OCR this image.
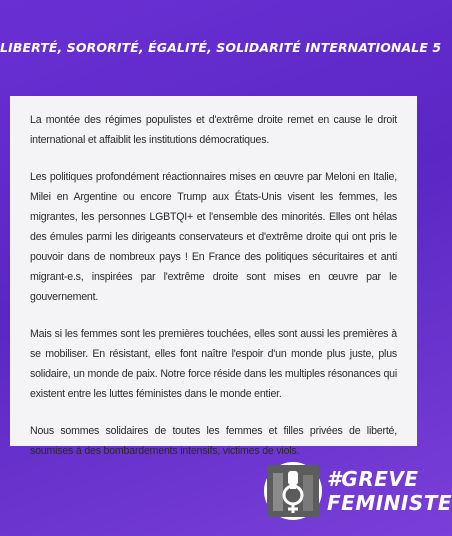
LIBERTÉ, SORORITÉ, ÉGALITÉ, SOLIDARITÉ INTERNATIONALE 5

La montée des régimes populistes et d'extrême droite remet en cause le droit international et affaiblit les institutions démocratiques.

Les politiques profondément réactionnaires mises en œuvre par Meloni en Italie, Milei en Argentine ou encore Trump aux États-Unis visent les femmes, les migrantes, les personnes LGBTQI+ et l'ensemble des minorités. Elles ont hélas des émules parmi les dirigeants conservateurs et d'extrême droite qui ont pris le pouvoir dans de nombreux pays ! En France des politiques sécuritaires et anti migrant-e.s, inspirées par l'extrême droite sont mises en œuvre par le gouvernement.

Mais si les femmes sont les premières touchées, elles sont aussi les premières à se mobiliser. En résistant, elles font naître l'espoir d'un monde plus juste, plus solidaire, un monde de paix. Notre force réside dans les multiples résonances qui existent entre les luttes féministes dans le monde entier.

Nous sommes solidaires de toutes les femmes et filles privées de liberté, soumises à des bombardements intensifs, victimes de viols.

#GREVE
FEMINISTE
